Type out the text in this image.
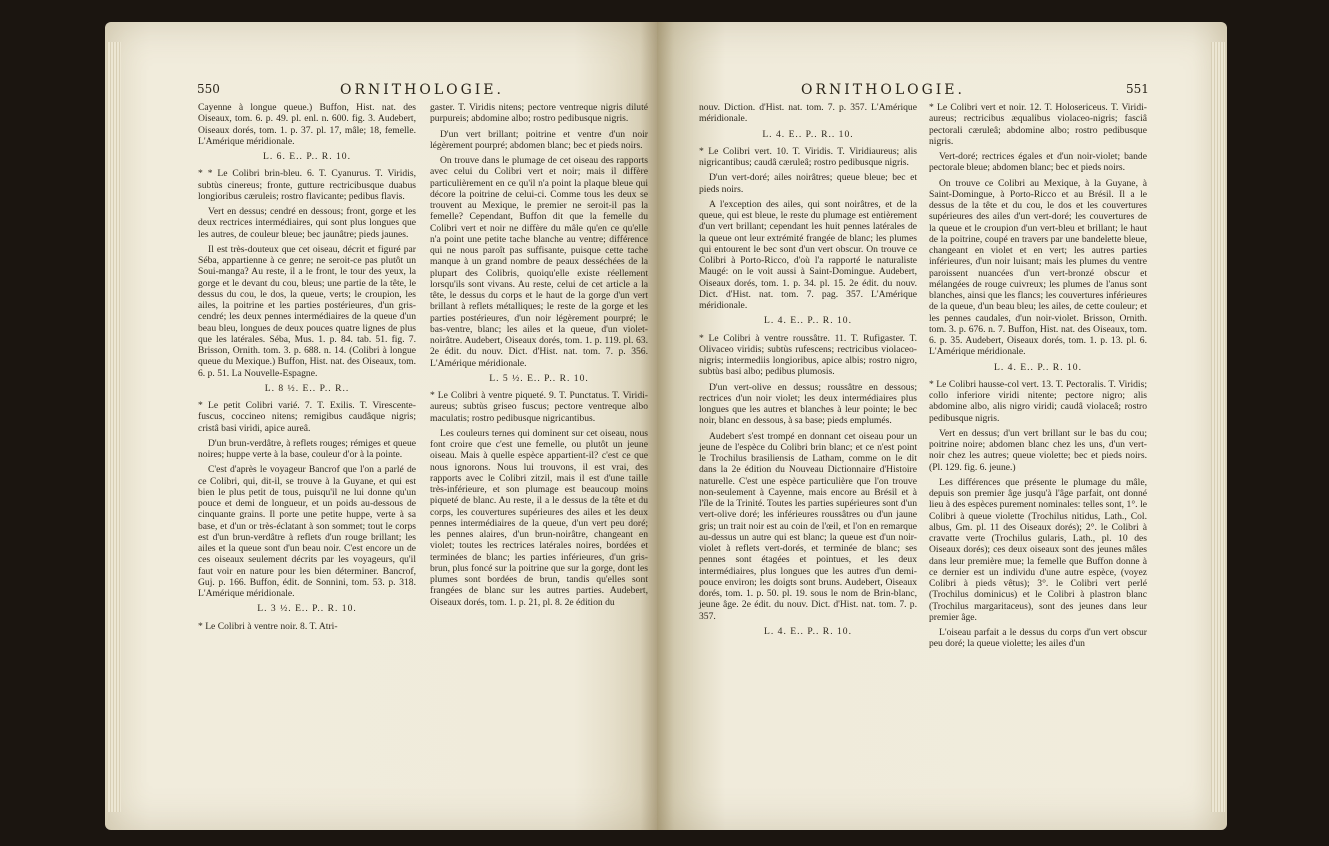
550	ORNITHOLOGIE.

Cayenne à longue queue.) Buffon, Hist. nat. des Oiseaux, tom. 6. p. 49. pl. enl. n. 600. fig. 3. Audebert, Oiseaux dorés, tom. 1. p. 37. pl. 17, mâle; 18, femelle. L'Amérique méridionale.

L. 6. E.. P.. R. 10.

* * Le Colibri brin-bleu. 6. T. Cyanurus. T. Viridis, subtùs cinereus; fronte, gutture rectricibusque duabus longioribus cæruleis; rostro flavicante; pedibus flavis.

Vert en dessus; cendré en dessous; front, gorge et les deux rectrices intermédiaires, qui sont plus longues que les autres, de couleur bleue; bec jaunâtre; pieds jaunes.

Il est très-douteux que cet oiseau, décrit et figuré par Séba, appartienne à ce genre; ne seroit-ce pas plutôt un Soui-manga? Au reste, il a le front, le tour des yeux, la gorge et le devant du cou, bleus; une partie de la tête, le dessus du cou, le dos, la queue, verts; le croupion, les ailes, la poitrine et les parties postérieures, d'un gris-cendré; les deux pennes intermédiaires de la queue d'un beau bleu, longues de deux pouces quatre lignes de plus que les latérales. Séba, Mus. 1. p. 84. tab. 51. fig. 7. Brisson, Ornith. tom. 3. p. 688. n. 14. (Colibri à longue queue du Mexique.) Buffon, Hist. nat. des Oiseaux, tom. 6. p. 51. La Nouvelle-Espagne.

L. 8 ½. E.. P.. R..

* Le petit Colibri varié. 7. T. Exilis. T. Virescente-fuscus, coccineo nitens; remigibus caudâque nigris; cristâ basi viridi, apice aureâ.

D'un brun-verdâtre, à reflets rouges; rémiges et queue noires; huppe verte à la base, couleur d'or à la pointe.

C'est d'après le voyageur Bancrof que l'on a parlé de ce Colibri, qui, dit-il, se trouve à la Guyane, et qui est bien le plus petit de tous, puisqu'il ne lui donne qu'un pouce et demi de longueur, et un poids au-dessous de cinquante grains. Il porte une petite huppe, verte à sa base, et d'un or très-éclatant à son sommet; tout le corps est d'un brun-verdâtre à reflets d'un rouge brillant; les ailes et la queue sont d'un beau noir. C'est encore un de ces oiseaux seulement décrits par les voyageurs, qu'il faut voir en nature pour les bien déterminer. Bancrof, Guj. p. 166. Buffon, édit. de Sonnini, tom. 53. p. 318. L'Amérique méridionale.

L. 3 ½. E.. P.. R. 10.

* Le Colibri à ventre noir. 8. T. Atri-

gaster. T. Viridis nitens; pectore ventreque nigris diluté purpureis; abdomine albo; rostro pedibusque nigris.

D'un vert brillant; poitrine et ventre d'un noir légèrement pourpré; abdomen blanc; bec et pieds noirs.

On trouve dans le plumage de cet oiseau des rapports avec celui du Colibri vert et noir; mais il diffère particulièrement en ce qu'il n'a point la plaque bleue qui décore la poitrine de celui-ci. Comme tous les deux se trouvent au Mexique, le premier ne seroit-il pas la femelle? Cependant, Buffon dit que la femelle du Colibri vert et noir ne diffère du mâle qu'en ce qu'elle n'a point une petite tache blanche au ventre; différence qui ne nous paroît pas suffisante, puisque cette tache manque à un grand nombre de peaux desséchées de la plupart des Colibris, quoiqu'elle existe réellement lorsqu'ils sont vivans. Au reste, celui de cet article a la tête, le dessus du corps et le haut de la gorge d'un vert brillant à reflets métalliques; le reste de la gorge et les parties postérieures, d'un noir légèrement pourpré; le bas-ventre, blanc; les ailes et la queue, d'un violet-noirâtre. Audebert, Oiseaux dorés, tom. 1. p. 119. pl. 63. 2e édit. du nouv. Dict. d'Hist. nat. tom. 7. p. 356. L'Amérique méridionale.

L. 5 ½. E.. P.. R. 10.

* Le Colibri à ventre piqueté. 9. T. Punctatus. T. Viridi-aureus; subtùs griseo fuscus; pectore ventreque albo maculatis; rostro pedibusque nigricantibus.

Les couleurs ternes qui dominent sur cet oiseau, nous font croire que c'est une femelle, ou plutôt un jeune oiseau. Mais à quelle espèce appartient-il? c'est ce que nous ignorons. Nous lui trouvons, il est vrai, des rapports avec le Colibri zitzil, mais il est d'une taille très-inférieure, et son plumage est beaucoup moins piqueté de blanc. Au reste, il a le dessus de la tête et du corps, les couvertures supérieures des ailes et les deux pennes intermédiaires de la queue, d'un vert peu doré; les pennes alaires, d'un brun-noirâtre, changeant en violet; toutes les rectrices latérales noires, bordées et terminées de blanc; les parties inférieures, d'un gris-brun, plus foncé sur la poitrine que sur la gorge, dont les plumes sont bordées de brun, tandis qu'elles sont frangées de blanc sur les autres parties. Audebert, Oiseaux dorés, tom. 1. p. 21, pl. 8. 2e édition du

ORNITHOLOGIE.	551

nouv. Diction. d'Hist. nat. tom. 7. p. 357. L'Amérique méridionale.

L. 4. E.. P.. R.. 10.

* Le Colibri vert. 10. T. Viridis. T. Viridiaureus; alis nigricantibus; caudâ cæruleâ; rostro pedibusque nigris.

D'un vert-doré; ailes noirâtres; queue bleue; bec et pieds noirs.

A l'exception des ailes, qui sont noirâtres, et de la queue, qui est bleue, le reste du plumage est entièrement d'un vert brillant; cependant les huit pennes latérales de la queue ont leur extrémité frangée de blanc; les plumes qui entourent le bec sont d'un vert obscur. On trouve ce Colibri à Porto-Ricco, d'où l'a rapporté le naturaliste Maugé: on le voit aussi à Saint-Domingue. Audebert, Oiseaux dorés, tom. 1. p. 34. pl. 15. 2e édit. du nouv. Dict. d'Hist. nat. tom. 7. pag. 357. L'Amérique méridionale.

L. 4. E.. P.. R. 10.

* Le Colibri à ventre roussâtre. 11. T. Rufigaster. T. Olivaceo viridis; subtùs rufescens; rectricibus violaceo-nigris; intermediis longioribus, apice albis; rostro nigro, subtùs basi albo; pedibus plumosis.

D'un vert-olive en dessus; roussâtre en dessous; rectrices d'un noir violet; les deux intermédiaires plus longues que les autres et blanches à leur pointe; le bec noir, blanc en dessous, à sa base; pieds emplumés.

Audebert s'est trompé en donnant cet oiseau pour un jeune de l'espèce du Colibri brin blanc; et ce n'est point le Trochilus brasiliensis de Latham, comme on le dit dans la 2e édition du Nouveau Dictionnaire d'Histoire naturelle. C'est une espèce particulière que l'on trouve non-seulement à Cayenne, mais encore au Brésil et à l'île de la Trinité. Toutes les parties supérieures sont d'un vert-olive doré; les inférieures roussâtres ou d'un jaune gris; un trait noir est au coin de l'œil, et l'on en remarque au-dessus un autre qui est blanc; la queue est d'un noir-violet à reflets vert-dorés, et terminée de blanc; ses pennes sont étagées et pointues, et les deux intermédiaires, plus longues que les autres d'un demi-pouce environ; les doigts sont bruns. Audebert, Oiseaux dorés, tom. 1. p. 50. pl. 19. sous le nom de Brin-blanc, jeune âge. 2e édit. du nouv. Dict. d'Hist. nat. tom. 7. p. 357.

L. 4. E.. P.. R. 10.

* Le Colibri vert et noir. 12. T. Holosericeus. T. Viridi-aureus; rectricibus æqualibus violaceo-nigris; fasciâ pectorali cæruleâ; abdomine albo; rostro pedibusque nigris.

Vert-doré; rectrices égales et d'un noir-violet; bande pectorale bleue; abdomen blanc; bec et pieds noirs.

On trouve ce Colibri au Mexique, à la Guyane, à Saint-Domingue, à Porto-Ricco et au Brésil. Il a le dessus de la tête et du cou, le dos et les couvertures supérieures des ailes d'un vert-doré; les couvertures de la queue et le croupion d'un vert-bleu et brillant; le haut de la poitrine, coupé en travers par une bandelette bleue, changeant en violet et en vert; les autres parties inférieures, d'un noir luisant; mais les plumes du ventre paroissent nuancées d'un vert-bronzé obscur et mélangées de rouge cuivreux; les plumes de l'anus sont blanches, ainsi que les flancs; les couvertures inférieures de la queue, d'un beau bleu; les ailes, de cette couleur; et les pennes caudales, d'un noir-violet. Brisson, Ornith. tom. 3. p. 676. n. 7. Buffon, Hist. nat. des Oiseaux, tom. 6. p. 35. Audebert, Oiseaux dorés, tom. 1. p. 13. pl. 6. L'Amérique méridionale.

L. 4. E.. P.. R. 10.

* Le Colibri hausse-col vert. 13. T. Pectoralis. T. Viridis; collo inferiore viridi nitente; pectore nigro; alis abdomine albo, alis nigro viridi; caudâ violaceâ; rostro pedibusque nigris.

Vert en dessus; d'un vert brillant sur le bas du cou; poitrine noire; abdomen blanc chez les uns, d'un vert-noir chez les autres; queue violette; bec et pieds noirs. (Pl. 129. fig. 6. jeune.)

Les différences que présente le plumage du mâle, depuis son premier âge jusqu'à l'âge parfait, ont donné lieu à des espèces purement nominales: telles sont, 1°. le Colibri à queue violette (Trochilus nitidus, Lath., Col. albus, Gm. pl. 11 des Oiseaux dorés); 2°. le Colibri à cravatte verte (Trochilus gularis, Lath., pl. 10 des Oiseaux dorés); ces deux oiseaux sont des jeunes mâles dans leur première mue; la femelle que Buffon donne à ce dernier est un individu d'une autre espèce, (voyez Colibri à pieds vêtus); 3°. le Colibri vert perlé (Trochilus dominicus) et le Colibri à plastron blanc (Trochilus margaritaceus), sont des jeunes dans leur premier âge.

L'oiseau parfait a le dessus du corps d'un vert obscur peu doré; la queue violette; les ailes d'un
